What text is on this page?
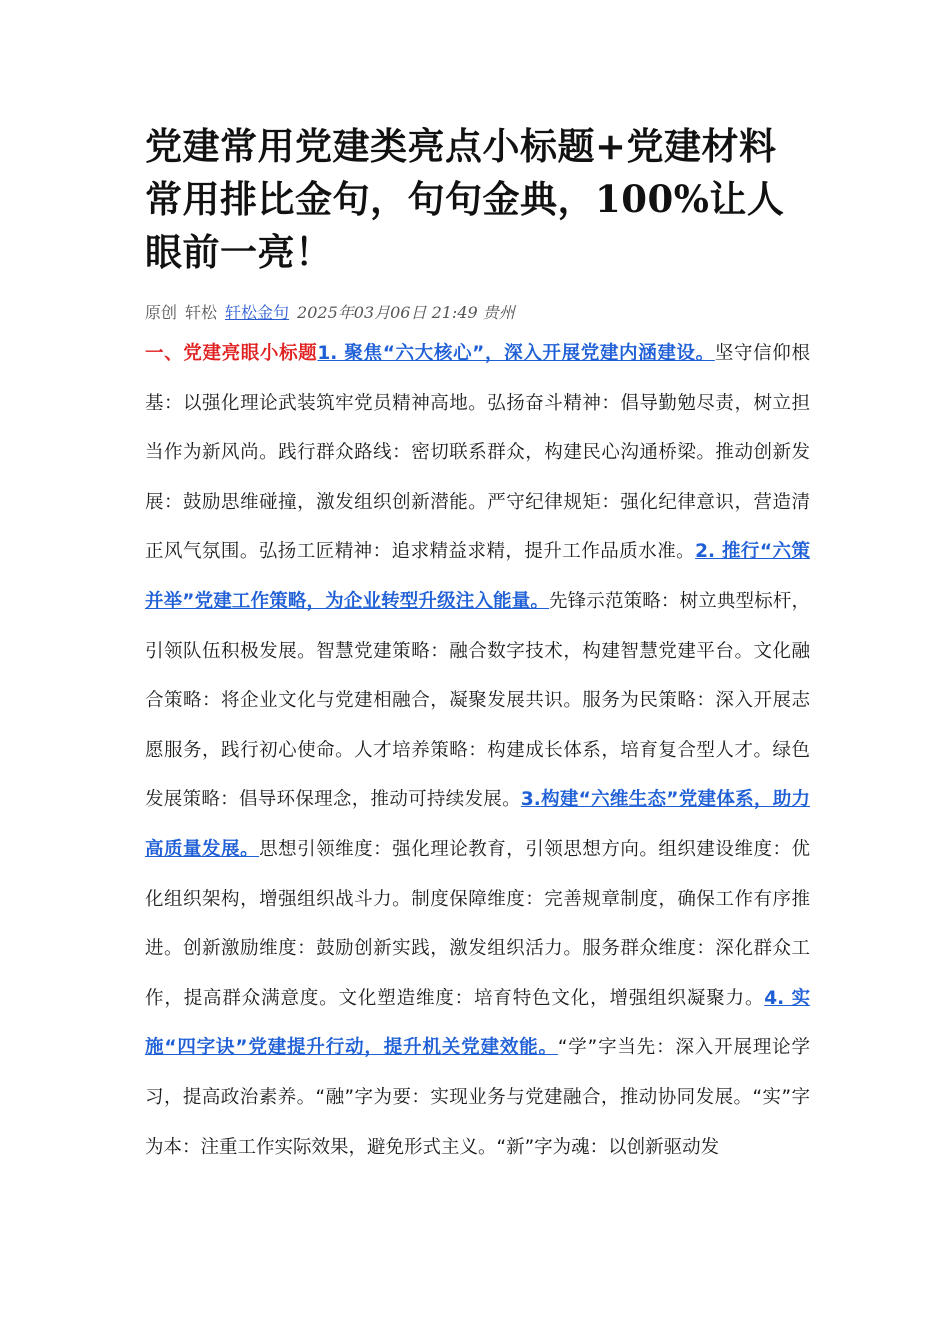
党建常用党建类亮点小标题+党建材料常用排比金句，句句金典，100%让人眼前一亮！
原创 轩松 轩松金句 2025年03月06日 21:49 贵州
一、党建亮眼小标题1. 聚焦“六大核心”，深入开展党建内涵建设。坚守信仰根基：以强化理论武装筑牢党员精神高地。弘扬奋斗精神：倡导勤勉尽责，树立担当作为新风尚。践行群众路线：密切联系群众，构建民心沟通桥梁。推动创新发展：鼓励思维碰撞，激发组织创新潜能。严守纪律规矩：强化纪律意识，营造清正风气氛围。弘扬工匠精神：追求精益求精，提升工作品质水准。2. 推行“六策并举”党建工作策略，为企业转型升级注入能量。先锋示范策略：树立典型标杆，引领队伍积极发展。智慧党建策略：融合数字技术，构建智慧党建平台。文化融合策略：将企业文化与党建相融合，凝聚发展共识。服务为民策略：深入开展志愿服务，践行初心使命。人才培养策略：构建成长体系，培育复合型人才。绿色发展策略：倡导环保理念，推动可持续发展。3.构建“六维生态”党建体系，助力高质量发展。思想引领维度：强化理论教育，引领思想方向。组织建设维度：优化组织架构，增强组织战斗力。制度保障维度：完善规章制度，确保工作有序推进。创新激励维度：鼓励创新实践，激发组织活力。服务群众维度：深化群众工作，提高群众满意度。文化塑造维度：培育特色文化，增强组织凝聚力。4. 实施“四字诀”党建提升行动，提升机关党建效能。“学”字当先：深入开展理论学习，提高政治素养。“融”字为要：实现业务与党建融合，推动协同发展。“实”字为本：注重工作实际效果，避免形式主义。“新”字为魂：以创新驱动发
